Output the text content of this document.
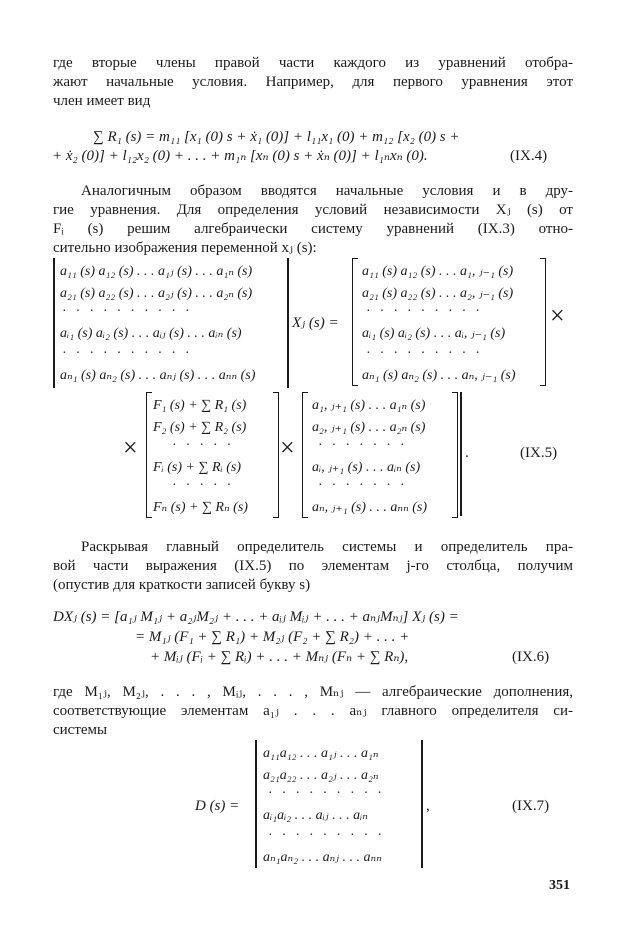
где вторые члены правой части каждого из уравнений отобра-
жают начальные условия. Например, для первого уравнения этот
член имеет вид
∑ R₁ (s) = m₁₁ [x₁ (0) s + ẋ₁ (0)] + l₁₁x₁ (0) + m₁₂ [x₂ (0) s +
+ ẋ₂ (0)] + l₁₂x₂ (0) + . . . + m₁ₙ [xₙ (0) s + ẋₙ (0)] + l₁ₙxₙ (0).	(IX.4)
Аналогичным образом вводятся начальные условия и в дру-
гие уравнения. Для определения условий независимости Xⱼ (s) от
Fᵢ (s) решим алгебраически систему уравнений (IX.3) отно-
сительно изображения переменной xⱼ (s):
a₁₁ (s) a₁₂ (s) . . . a₁ⱼ (s) . . . a₁ₙ (s)
a₂₁ (s) a₂₂ (s) . . . a₂ⱼ (s) . . . a₂ₙ (s)
··········
aᵢ₁ (s) aᵢ₂ (s) . . . aᵢⱼ (s) . . . aᵢₙ (s)
··········
aₙ₁ (s) aₙ₂ (s) . . . aₙⱼ (s) . . . aₙₙ (s)
Xⱼ (s) =
a₁₁ (s) a₁₂ (s) . . . a₁, ⱼ₋₁ (s)
a₂₁ (s) a₂₂ (s) . . . a₂, ⱼ₋₁ (s)
·········
aᵢ₁ (s) aᵢ₂ (s) . . . aᵢ, ⱼ₋₁ (s)
·········
aₙ₁ (s) aₙ₂ (s) . . . aₙ, ⱼ₋₁ (s)
×
×
F₁ (s) + ∑ R₁ (s)
F₂ (s) + ∑ R₂ (s)
·····
Fᵢ (s) + ∑ Rᵢ (s)
·····
Fₙ (s) + ∑ Rₙ (s)
×
a₁, ⱼ₊₁ (s) . . . a₁ₙ (s)
a₂, ⱼ₊₁ (s) . . . a₂ₙ (s)
·······
aᵢ, ⱼ₊₁ (s) . . . aᵢₙ (s)
·······
aₙ, ⱼ₊₁ (s) . . . aₙₙ (s)
.	(IX.5)
Раскрывая главный определитель системы и определитель пра-
вой части выражения (IX.5) по элементам j-го столбца, получим
(опустив для краткости записей букву s)
DXⱼ (s) = [a₁ⱼ M₁ⱼ + a₂ⱼM₂ⱼ + . . . + aᵢⱼ Mᵢⱼ + . . . + aₙⱼMₙⱼ] Xⱼ (s) =
= M₁ⱼ (F₁ + ∑ R₁) + M₂ⱼ (F₂ + ∑ R₂) + . . . +
+ Mᵢⱼ (Fᵢ + ∑ Rᵢ) + . . . + Mₙⱼ (Fₙ + ∑ Rₙ),	(IX.6)
где M₁ⱼ, M₂ⱼ, . . . , Mᵢⱼ, . . . , Mₙⱼ — алгебраические дополнения,
соответствующие элементам a₁ⱼ . . . aₙⱼ главного определителя си-
системы
D (s) =
a₁₁a₁₂ . . . a₁ⱼ . . . a₁ₙ
a₂₁a₂₂ . . . a₂ⱼ . . . a₂ₙ
·········
aᵢ₁aᵢ₂ . . . aᵢⱼ . . . aᵢₙ
·········
aₙ₁aₙ₂ . . . aₙⱼ . . . aₙₙ
,	(IX.7)
351
